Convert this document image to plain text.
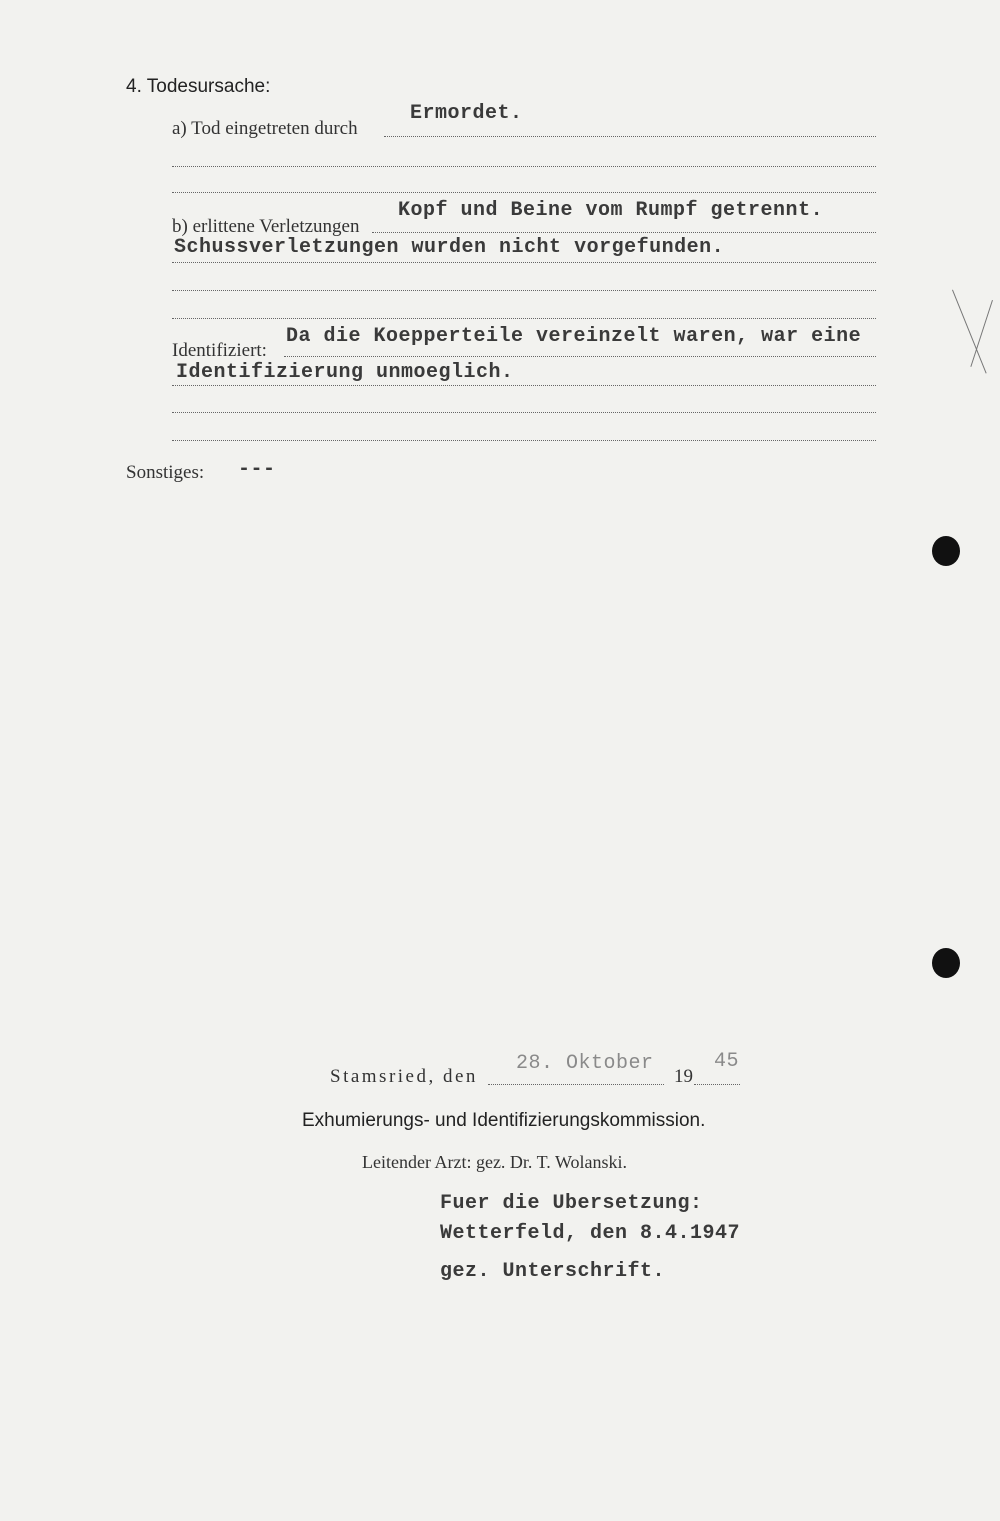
4. Todesursache:
a) Tod eingetreten durch
Ermordet.
b) erlittene Verletzungen
Kopf und Beine vom Rumpf getrennt.
Schussverletzungen wurden nicht vorgefunden.
Identifiziert:
Da die Koepperteile vereinzelt waren, war eine
Identifizierung unmoeglich.
Sonstiges: ---
Stamsried, den
28. Oktober
19
45
Exhumierungs- und Identifizierungskommission.
Leitender Arzt: gez. Dr. T. Wolanski.
Fuer die Ubersetzung:
Wetterfeld, den 8.4.1947
gez. Unterschrift.
